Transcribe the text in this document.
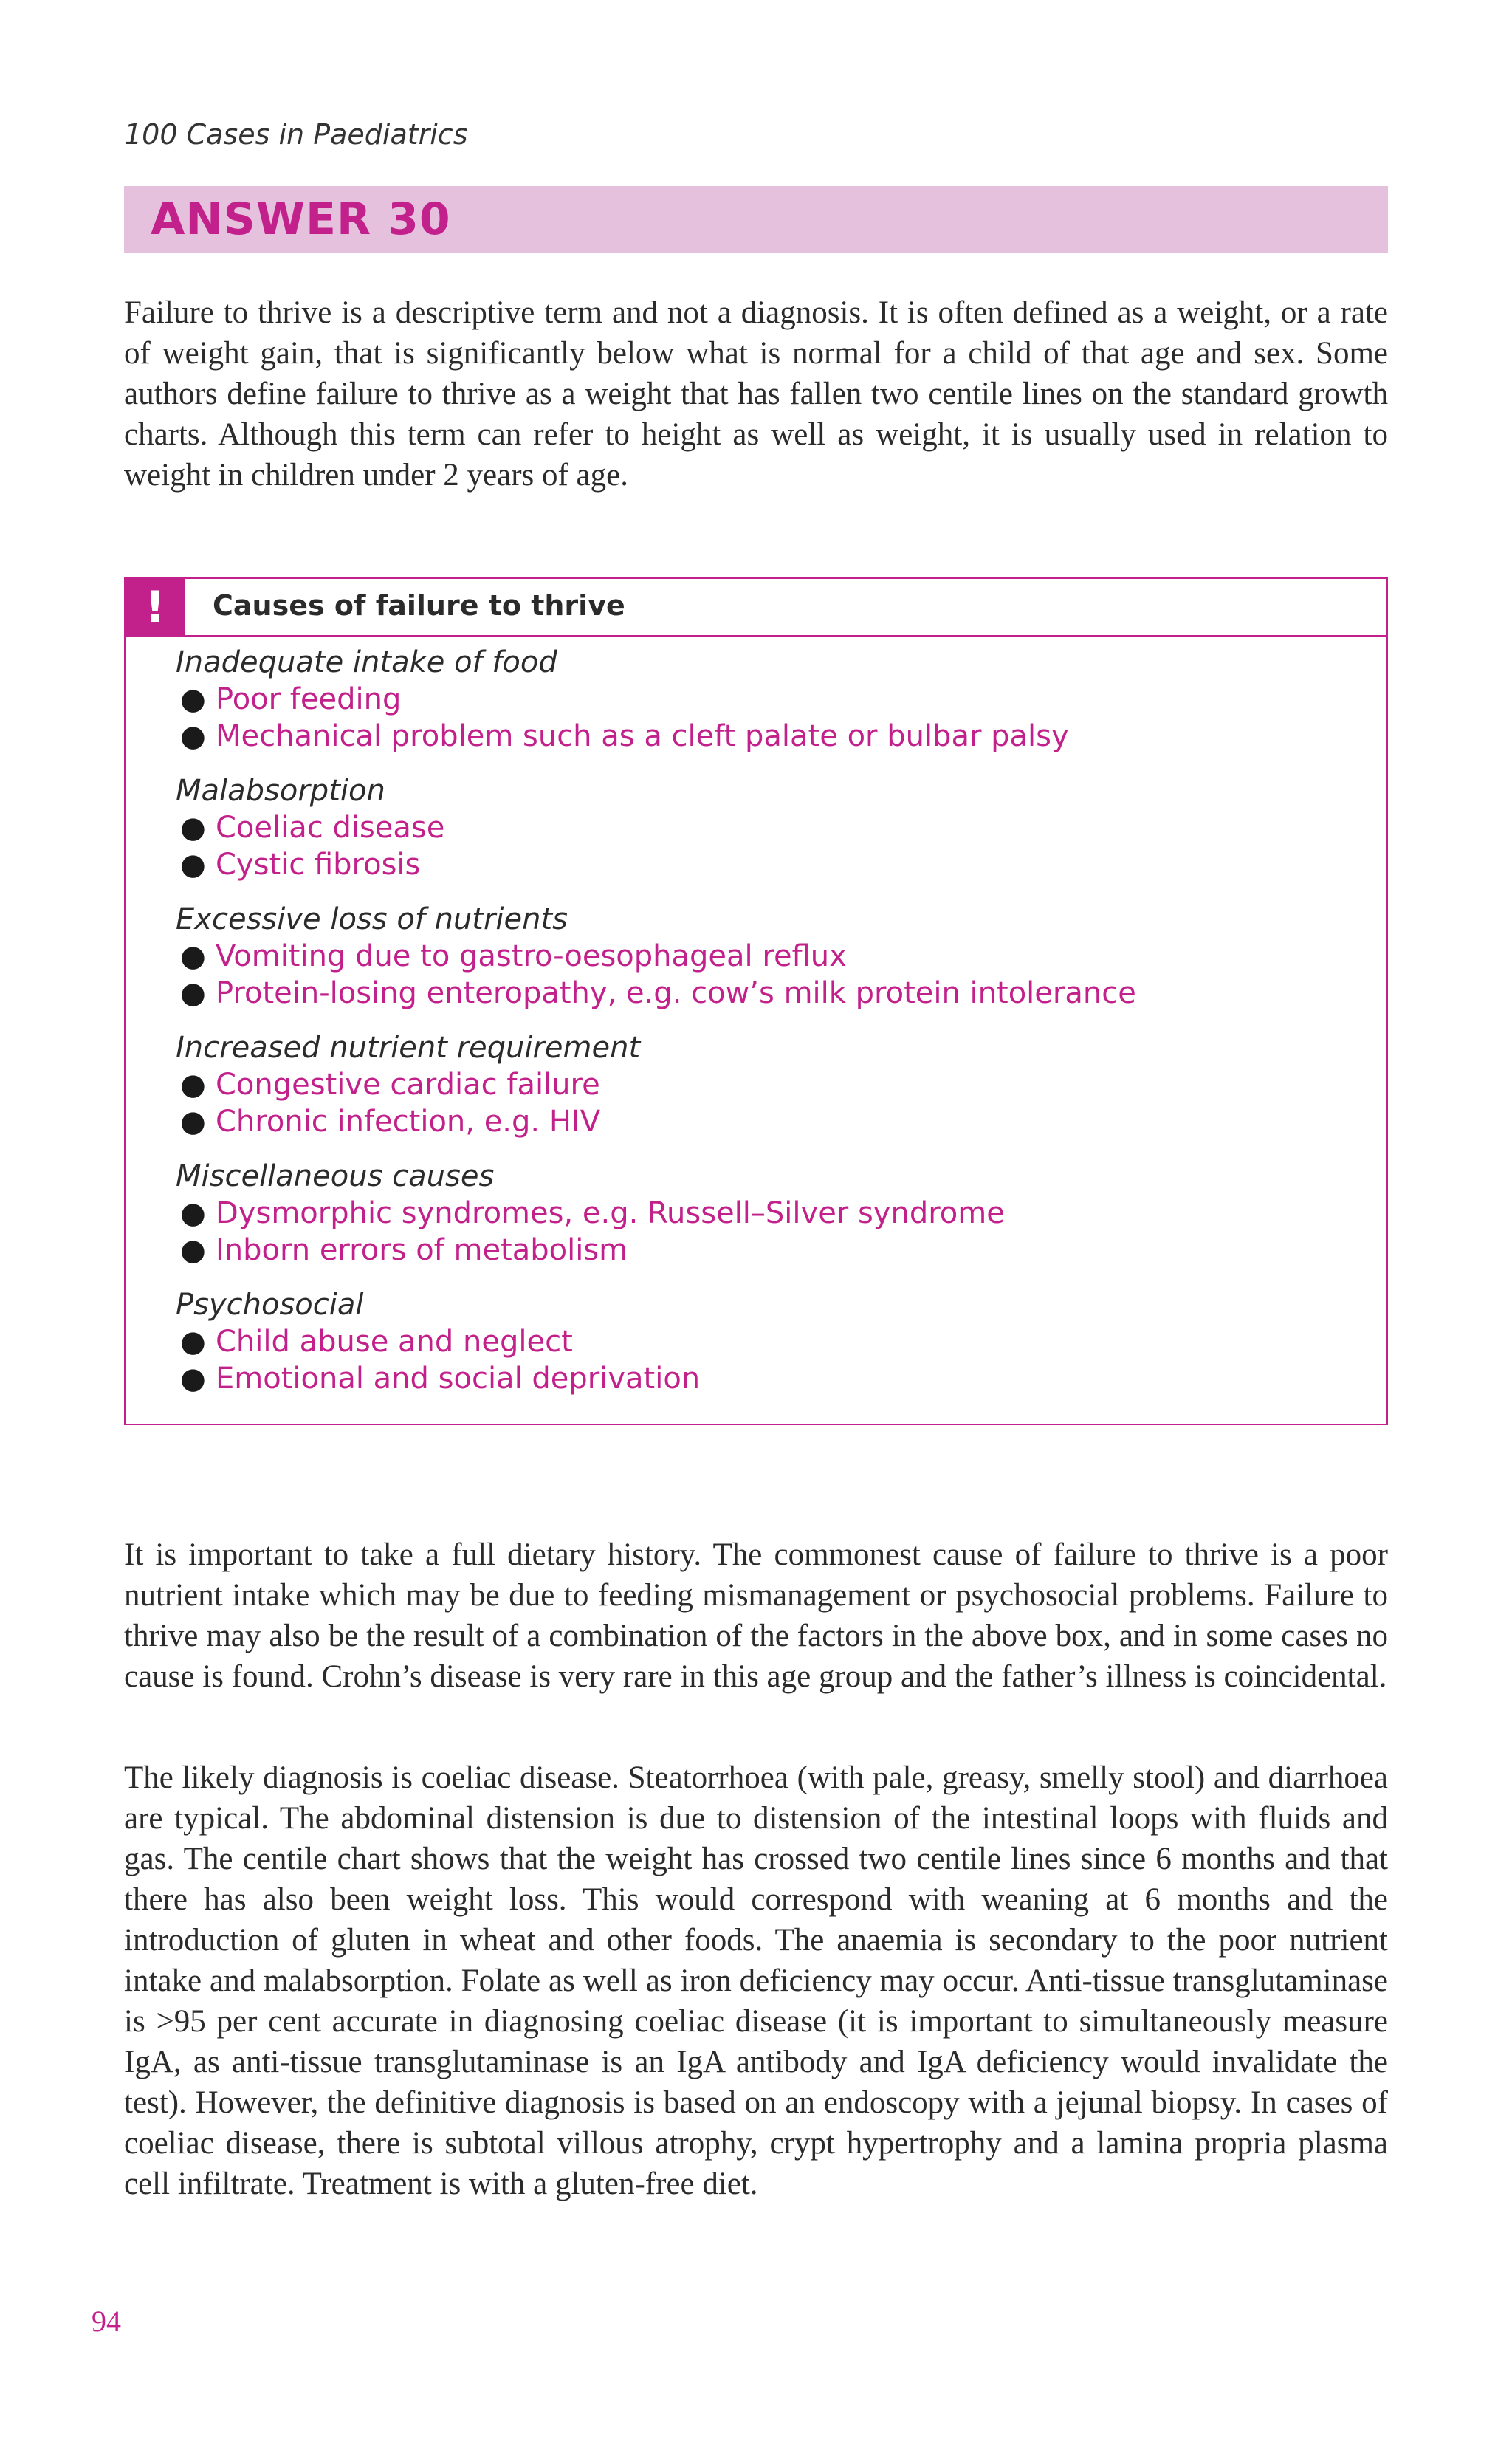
100 Cases in Paediatrics
ANSWER 30
Failure to thrive is a descriptive term and not a diagnosis. It is often defined as a weight, or a rate of weight gain, that is significantly below what is normal for a child of that age and sex. Some authors define failure to thrive as a weight that has fallen two centile lines on the standard growth charts. Although this term can refer to height as well as weight, it is usually used in relation to weight in children under 2 years of age.
!	Causes of failure to thrive
Inadequate intake of food
● Poor feeding
● Mechanical problem such as a cleft palate or bulbar palsy
Malabsorption
● Coeliac disease
● Cystic fibrosis
Excessive loss of nutrients
● Vomiting due to gastro-oesophageal reflux
● Protein-losing enteropathy, e.g. cow’s milk protein intolerance
Increased nutrient requirement
● Congestive cardiac failure
● Chronic infection, e.g. HIV
Miscellaneous causes
● Dysmorphic syndromes, e.g. Russell–Silver syndrome
● Inborn errors of metabolism
Psychosocial
● Child abuse and neglect
● Emotional and social deprivation
It is important to take a full dietary history. The commonest cause of failure to thrive is a poor nutrient intake which may be due to feeding mismanagement or psychosocial problems. Failure to thrive may also be the result of a combination of the factors in the above box, and in some cases no cause is found. Crohn’s disease is very rare in this age group and the father’s illness is coincidental.
The likely diagnosis is coeliac disease. Steatorrhoea (with pale, greasy, smelly stool) and diarrhoea are typical. The abdominal distension is due to distension of the intestinal loops with fluids and gas. The centile chart shows that the weight has crossed two centile lines since 6 months and that there has also been weight loss. This would correspond with weaning at 6 months and the introduction of gluten in wheat and other foods. The anaemia is secondary to the poor nutrient intake and malabsorption. Folate as well as iron deficiency may occur. Anti-tissue transglutaminase is >95 per cent accurate in diagnosing coeliac disease (it is important to simultaneously measure IgA, as anti-tissue transglutaminase is an IgA antibody and IgA deficiency would invalidate the test). However, the definitive diagnosis is based on an endoscopy with a jejunal biopsy. In cases of coeliac disease, there is subtotal villous atrophy, crypt hypertrophy and a lamina propria plasma cell infiltrate. Treatment is with a gluten-free diet.
94
